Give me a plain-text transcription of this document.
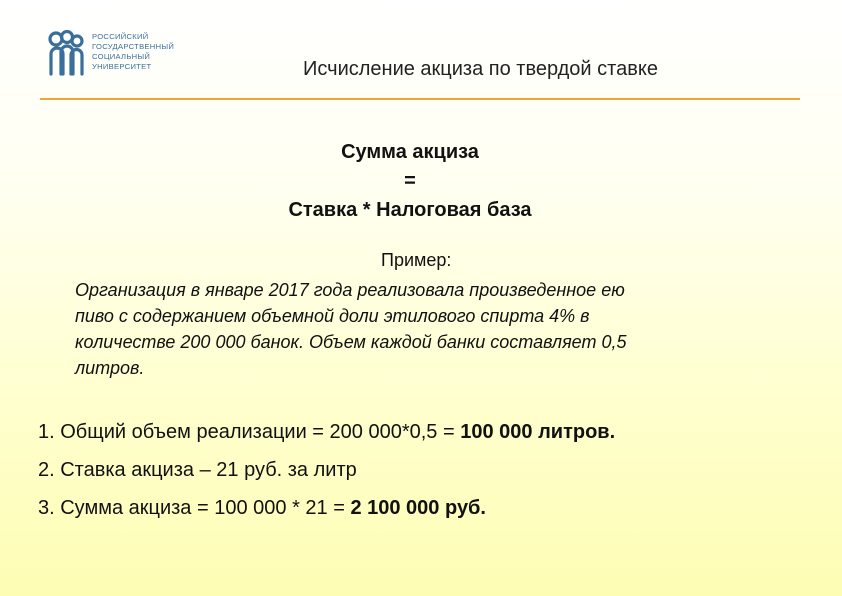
РОССИЙСКИЙ
ГОСУДАРСТВЕННЫЙ
СОЦИАЛЬНЫЙ
УНИВЕРСИТЕТ	Исчисление акциза по твердой ставке
Сумма акциза
=
Ставка * Налоговая база
Пример:
Организация в январе 2017 года реализовала произведенное ею
пиво с содержанием объемной доли этилового спирта 4% в
количестве 200 000 банок. Объем каждой банки составляет 0,5
литров.
1. Общий объем реализации = 200 000*0,5 = 100 000 литров.
2. Ставка акциза – 21 руб. за литр
3. Сумма акциза = 100 000 * 21 = 2 100 000 руб.
